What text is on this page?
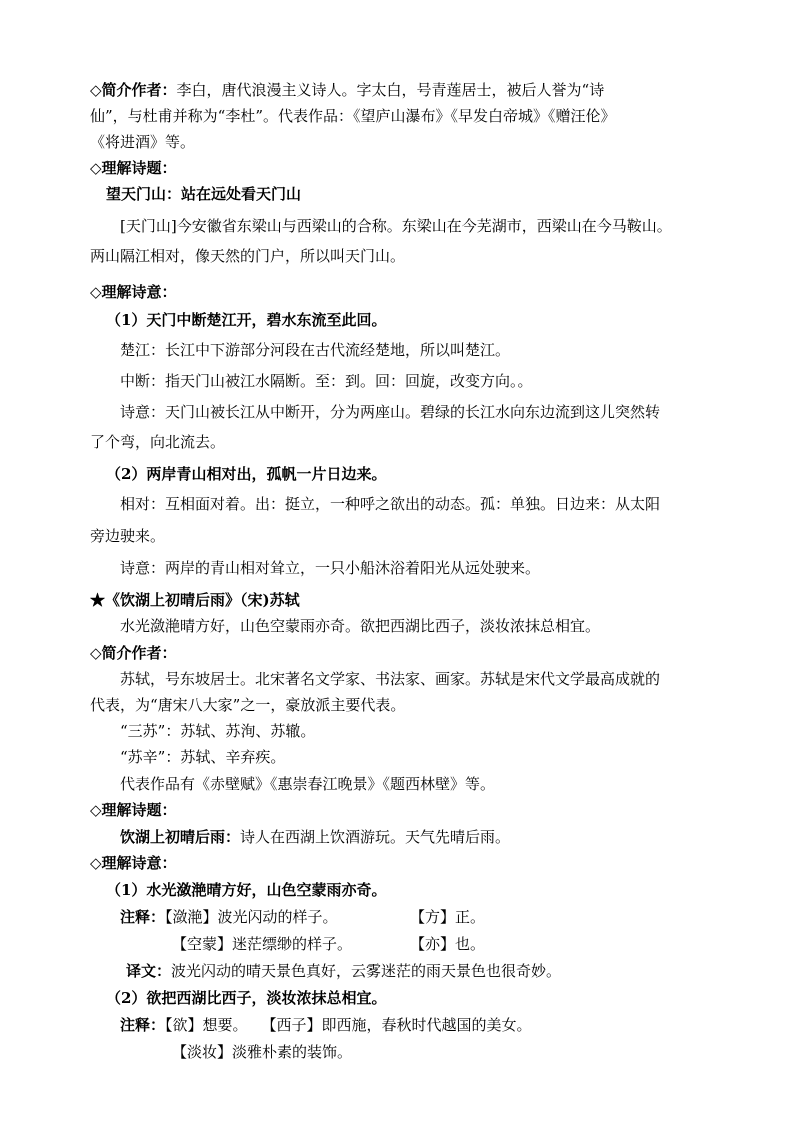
◇简介作者：李白，唐代浪漫主义诗人。字太白，号青莲居士，被后人誉为“诗
仙”，与杜甫并称为“李杜”。代表作品：《望庐山瀑布》《早发白帝城》《赠汪伦》
《将进酒》等。
◇理解诗题：
望天门山：站在远处看天门山
[天门山]今安徽省东梁山与西梁山的合称。东梁山在今芜湖市，西梁山在今马鞍山。
两山隔江相对，像天然的门户，所以叫天门山。
◇理解诗意：
（1）天门中断楚江开，碧水东流至此回。
楚江：长江中下游部分河段在古代流经楚地，所以叫楚江。
中断：指天门山被江水隔断。至：到。回：回旋，改变方向。。
诗意：天门山被长江从中断开，分为两座山。碧绿的长江水向东边流到这儿突然转
了个弯，向北流去。
（2）两岸青山相对出，孤帆一片日边来。
相对：互相面对着。出：挺立，一种呼之欲出的动态。孤：单独。日边来：从太阳
旁边驶来。
诗意：两岸的青山相对耸立，一只小船沐浴着阳光从远处驶来。
★《饮湖上初晴后雨》（宋)苏轼
水光潋滟晴方好，山色空蒙雨亦奇。欲把西湖比西子，淡妆浓抹总相宜。
◇简介作者：
苏轼，号东坡居士。北宋著名文学家、书法家、画家。苏轼是宋代文学最高成就的
代表，为“唐宋八大家”之一，豪放派主要代表。
“三苏”：苏轼、苏洵、苏辙。
“苏辛”：苏轼、辛弃疾。
代表作品有《赤壁赋》《惠崇春江晚景》《题西林壁》等。
◇理解诗题：
饮湖上初晴后雨：诗人在西湖上饮酒游玩。天气先晴后雨。
◇理解诗意：
（1）水光潋滟晴方好，山色空蒙雨亦奇。
注释：【潋滟】波光闪动的样子。	【方】正。
【空蒙】迷茫缥缈的样子。	【亦】也。
译文：波光闪动的晴天景色真好，云雾迷茫的雨天景色也很奇妙。
（2）欲把西湖比西子，淡妆浓抹总相宜。
注释：【欲】想要。 【西子】即西施，春秋时代越国的美女。
【淡妆】淡雅朴素的装饰。
